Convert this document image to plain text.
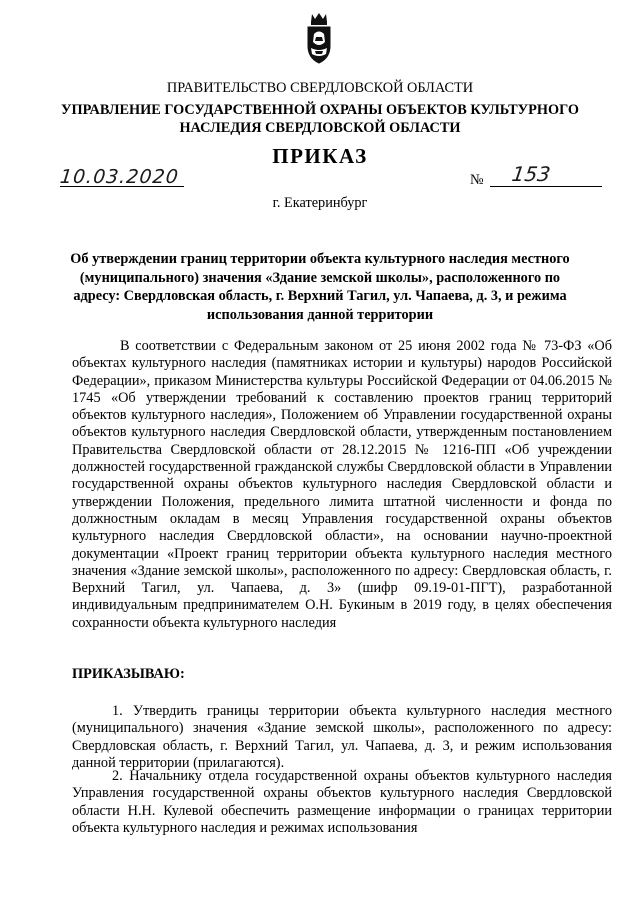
ПРАВИТЕЛЬСТВО СВЕРДЛОВСКОЙ ОБЛАСТИ
УПРАВЛЕНИЕ ГОСУДАРСТВЕННОЙ ОХРАНЫ ОБЪЕКТОВ КУЛЬТУРНОГО НАСЛЕДИЯ СВЕРДЛОВСКОЙ ОБЛАСТИ
ПРИКАЗ
10.03.2020	№ 153
г. Екатеринбург
Об утверждении границ территории объекта культурного наследия местного (муниципального) значения «Здание земской школы», расположенного по адресу: Свердловская область, г. Верхний Тагил, ул. Чапаева, д. 3, и режима использования данной территории

В соответствии с Федеральным законом от 25 июня 2002 года № 73-ФЗ «Об объектах культурного наследия (памятниках истории и культуры) народов Российской Федерации», приказом Министерства культуры Российской Федерации от 04.06.2015 № 1745 «Об утверждении требований к составлению проектов границ территорий объектов культурного наследия», Положением об Управлении государственной охраны объектов культурного наследия Свердловской области, утвержденным постановлением Правительства Свердловской области от 28.12.2015 № 1216-ПП «Об учреждении должностей государственной гражданской службы Свердловской области в Управлении государственной охраны объектов культурного наследия Свердловской области и утверждении Положения, предельного лимита штатной численности и фонда по должностным окладам в месяц Управления государственной охраны объектов культурного наследия Свердловской области», на основании научно-проектной документации «Проект границ территории объекта культурного наследия местного значения «Здание земской школы», расположенного по адресу: Свердловская область, г. Верхний Тагил, ул. Чапаева, д. 3» (шифр 09.19-01-ПГТ), разработанной индивидуальным предпринимателем О.Н. Букиным в 2019 году, в целях обеспечения сохранности объекта культурного наследия

ПРИКАЗЫВАЮ:

1. Утвердить границы территории объекта культурного наследия местного (муниципального) значения «Здание земской школы», расположенного по адресу: Свердловская область, г. Верхний Тагил, ул. Чапаева, д. 3, и режим использования данной территории (прилагаются).

2. Начальнику отдела государственной охраны объектов культурного наследия Управления государственной охраны объектов культурного наследия Свердловской области Н.Н. Кулевой обеспечить размещение информации о границах территории объекта культурного наследия и режимах использования
